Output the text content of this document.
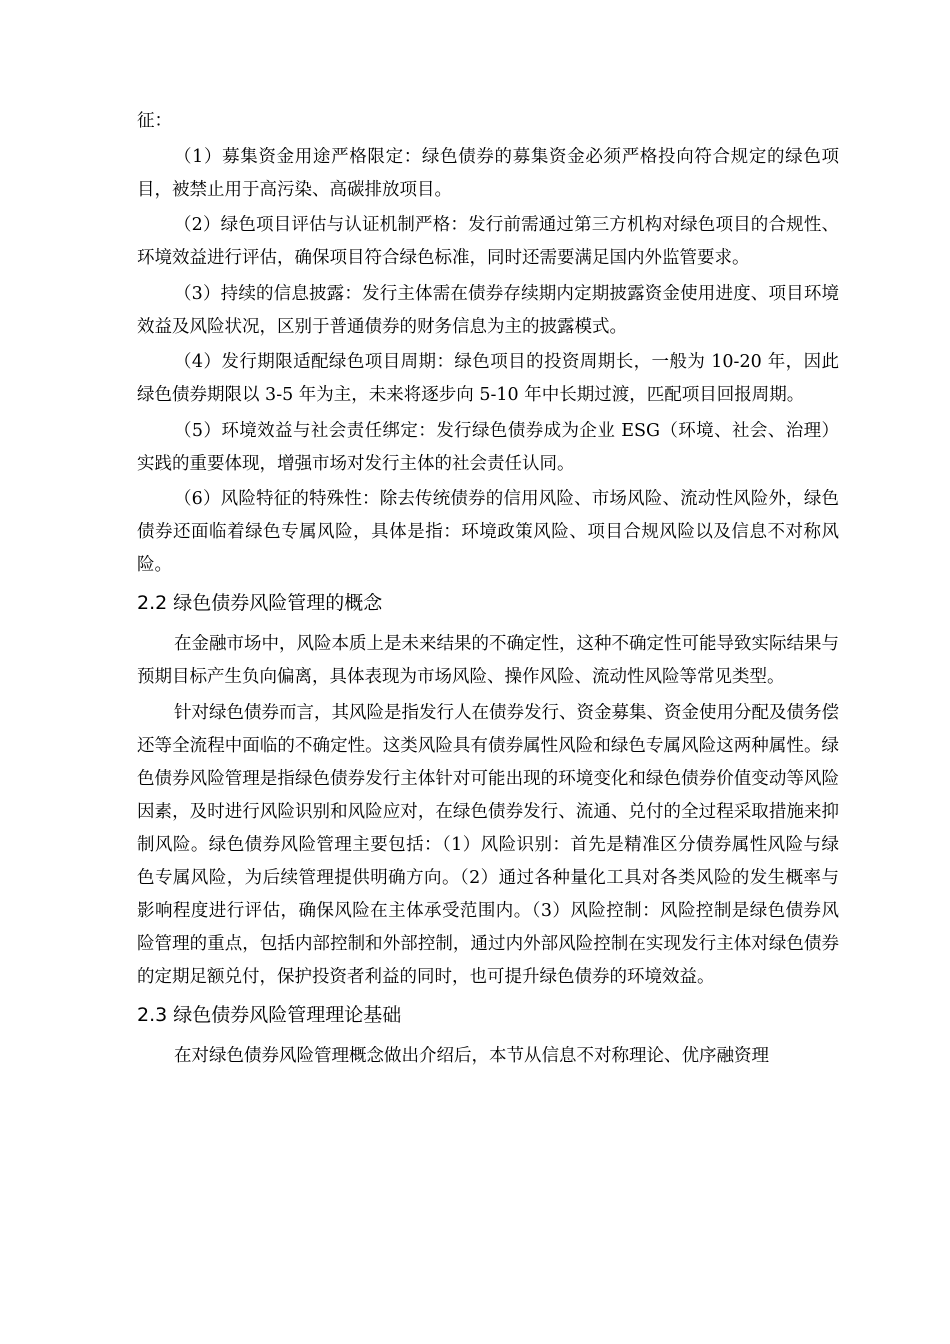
征：

（1）募集资金用途严格限定：绿色债券的募集资金必须严格投向符合规定的绿色项目，被禁止用于高污染、高碳排放项目。

（2）绿色项目评估与认证机制严格：发行前需通过第三方机构对绿色项目的合规性、环境效益进行评估，确保项目符合绿色标准，同时还需要满足国内外监管要求。

（3）持续的信息披露：发行主体需在债券存续期内定期披露资金使用进度、项目环境效益及风险状况，区别于普通债券的财务信息为主的披露模式。

（4）发行期限适配绿色项目周期：绿色项目的投资周期长，一般为 10-20 年，因此绿色债券期限以 3-5 年为主，未来将逐步向 5-10 年中长期过渡，匹配项目回报周期。

（5）环境效益与社会责任绑定：发行绿色债券成为企业 ESG（环境、社会、治理）实践的重要体现，增强市场对发行主体的社会责任认同。

（6）风险特征的特殊性：除去传统债券的信用风险、市场风险、流动性风险外，绿色债券还面临着绿色专属风险，具体是指：环境政策风险、项目合规风险以及信息不对称风险。

2.2 绿色债券风险管理的概念

在金融市场中，风险本质上是未来结果的不确定性，这种不确定性可能导致实际结果与预期目标产生负向偏离，具体表现为市场风险、操作风险、流动性风险等常见类型。

针对绿色债券而言，其风险是指发行人在债券发行、资金募集、资金使用分配及债务偿还等全流程中面临的不确定性。这类风险具有债券属性风险和绿色专属风险这两种属性。绿色债券风险管理是指绿色债券发行主体针对可能出现的环境变化和绿色债券价值变动等风险因素，及时进行风险识别和风险应对，在绿色债券发行、流通、兑付的全过程采取措施来抑制风险。绿色债券风险管理主要包括：（1）风险识别：首先是精准区分债券属性风险与绿色专属风险，为后续管理提供明确方向。（2）通过各种量化工具对各类风险的发生概率与影响程度进行评估，确保风险在主体承受范围内。（3）风险控制：风险控制是绿色债券风险管理的重点，包括内部控制和外部控制，通过内外部风险控制在实现发行主体对绿色债券的定期足额兑付，保护投资者利益的同时，也可提升绿色债券的环境效益。

2.3 绿色债券风险管理理论基础

在对绿色债券风险管理概念做出介绍后，本节从信息不对称理论、优序融资理
